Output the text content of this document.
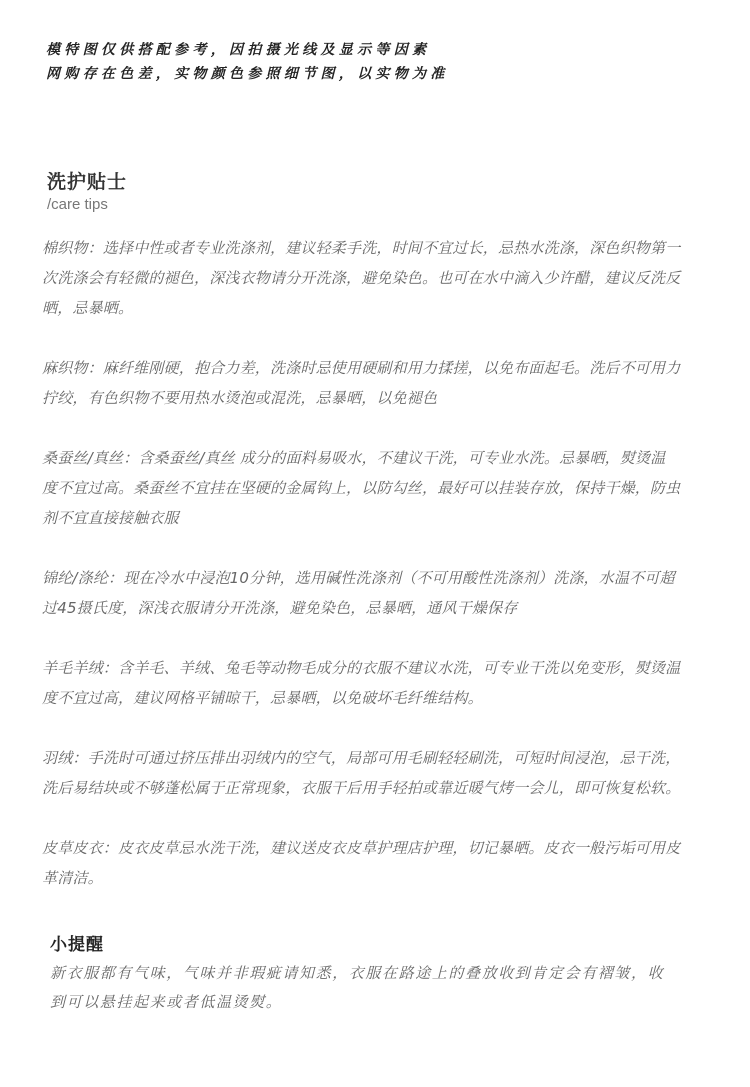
模特图仅供搭配参考，因拍摄光线及显示等因素
网购存在色差，实物颜色参照细节图，以实物为准
洗护贴士
/care tips
棉织物：选择中性或者专业洗涤剂，建议轻柔手洗，时间不宜过长，忌热水洗涤，深色织物第一
次洗涤会有轻微的褪色，深浅衣物请分开洗涤，避免染色。也可在水中滴入少许醋，建议反洗反
晒，忌暴晒。
麻织物：麻纤维刚硬，抱合力差，洗涤时忌使用硬刷和用力揉搓，以免布面起毛。洗后不可用力
拧绞，有色织物不要用热水烫泡或混洗，忌暴晒，以免褪色
桑蚕丝/真丝：含桑蚕丝/真丝 成分的面料易吸水，不建议干洗，可专业水洗。忌暴晒，熨烫温
度不宜过高。桑蚕丝不宜挂在坚硬的金属钩上，以防勾丝，最好可以挂装存放，保持干燥，防虫
剂不宜直接接触衣服
锦纶/涤纶：现在冷水中浸泡10分钟，选用碱性洗涤剂（不可用酸性洗涤剂）洗涤，水温不可超
过45摄氏度，深浅衣服请分开洗涤，避免染色，忌暴晒，通风干燥保存
羊毛羊绒：含羊毛、羊绒、兔毛等动物毛成分的衣服不建议水洗，可专业干洗以免变形，熨烫温
度不宜过高，建议网格平铺晾干，忌暴晒，以免破坏毛纤维结构。
羽绒：手洗时可通过挤压排出羽绒内的空气，局部可用毛刷轻轻刷洗，可短时间浸泡，忌干洗，
洗后易结块或不够蓬松属于正常现象，衣服干后用手轻拍或靠近暖气烤一会儿，即可恢复松软。
皮草皮衣：皮衣皮草忌水洗干洗，建议送皮衣皮草护理店护理，切记暴晒。皮衣一般污垢可用皮
革清洁。
小提醒
新衣服都有气味，气味并非瑕疵请知悉，衣服在路途上的叠放收到肯定会有褶皱，收
到可以悬挂起来或者低温烫熨。
